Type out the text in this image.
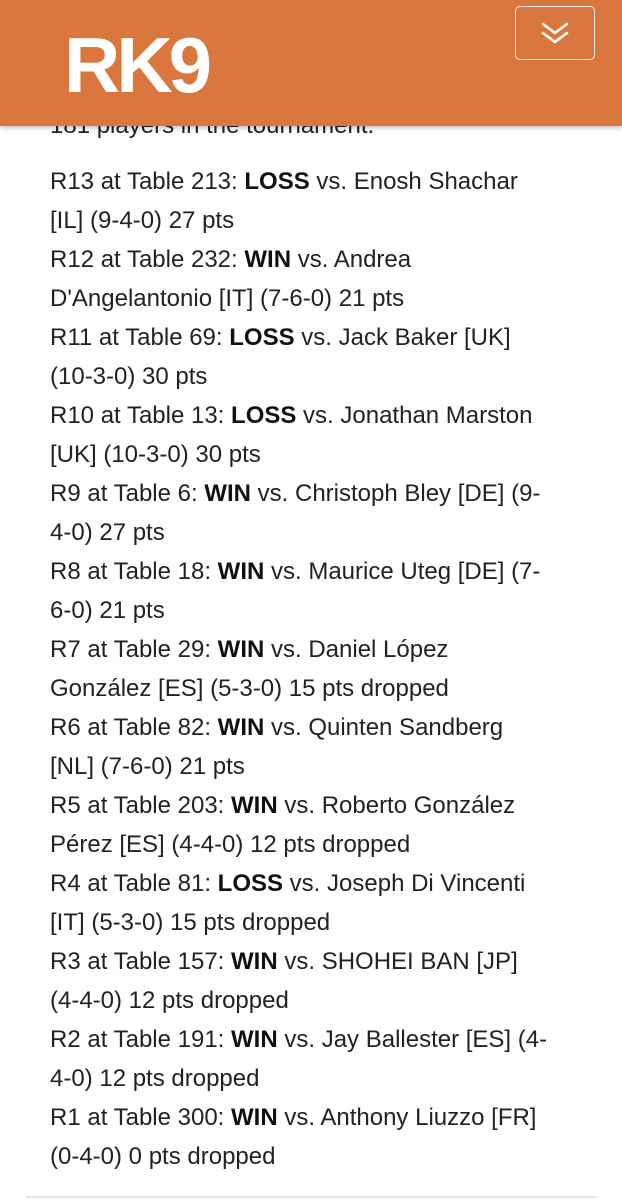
RK9
R13 at Table 213: LOSS vs. Enosh Shachar
[IL] (9-4-0) 27 pts
R12 at Table 232: WIN vs. Andrea
D'Angelantonio [IT] (7-6-0) 21 pts
R11 at Table 69: LOSS vs. Jack Baker [UK]
(10-3-0) 30 pts
R10 at Table 13: LOSS vs. Jonathan Marston
[UK] (10-3-0) 30 pts
R9 at Table 6: WIN vs. Christoph Bley [DE] (9-
4-0) 27 pts
R8 at Table 18: WIN vs. Maurice Uteg [DE] (7-
6-0) 21 pts
R7 at Table 29: WIN vs. Daniel López
González [ES] (5-3-0) 15 pts dropped
R6 at Table 82: WIN vs. Quinten Sandberg
[NL] (7-6-0) 21 pts
R5 at Table 203: WIN vs. Roberto González
Pérez [ES] (4-4-0) 12 pts dropped
R4 at Table 81: LOSS vs. Joseph Di Vincenti
[IT] (5-3-0) 15 pts dropped
R3 at Table 157: WIN vs. SHOHEI BAN [JP]
(4-4-0) 12 pts dropped
R2 at Table 191: WIN vs. Jay Ballester [ES] (4-
4-0) 12 pts dropped
R1 at Table 300: WIN vs. Anthony Liuzzo [FR]
(0-4-0) 0 pts dropped
